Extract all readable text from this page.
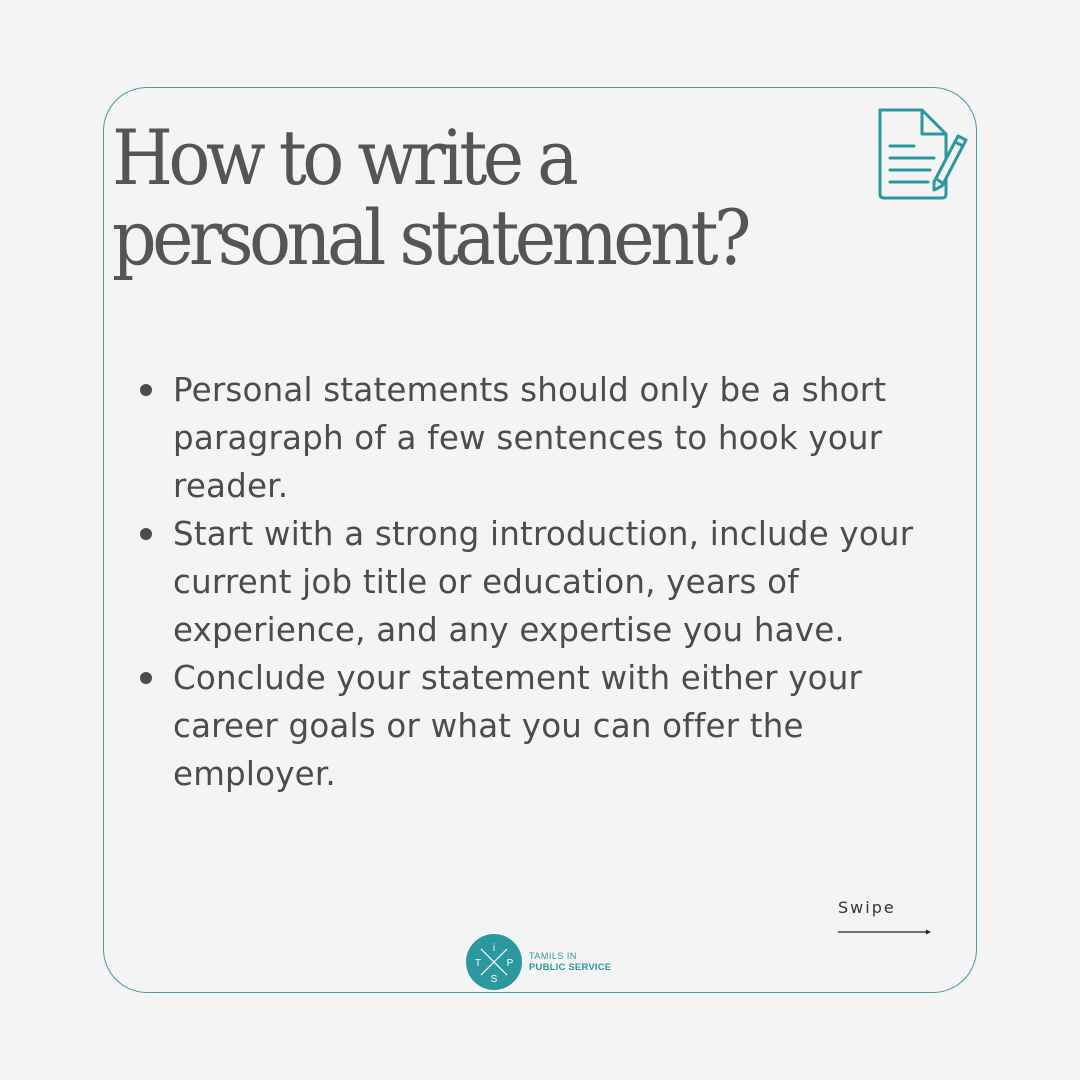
How to write a
personal statement?
Personal statements should only be a short paragraph of a few sentences to hook your reader.
Start with a strong introduction, include your current job title or education, years of experience, and any expertise you have.
Conclude your statement with either your career goals or what you can offer the employer.
Swipe
T
i
P
S
TAMILS IN
PUBLIC SERVICE
